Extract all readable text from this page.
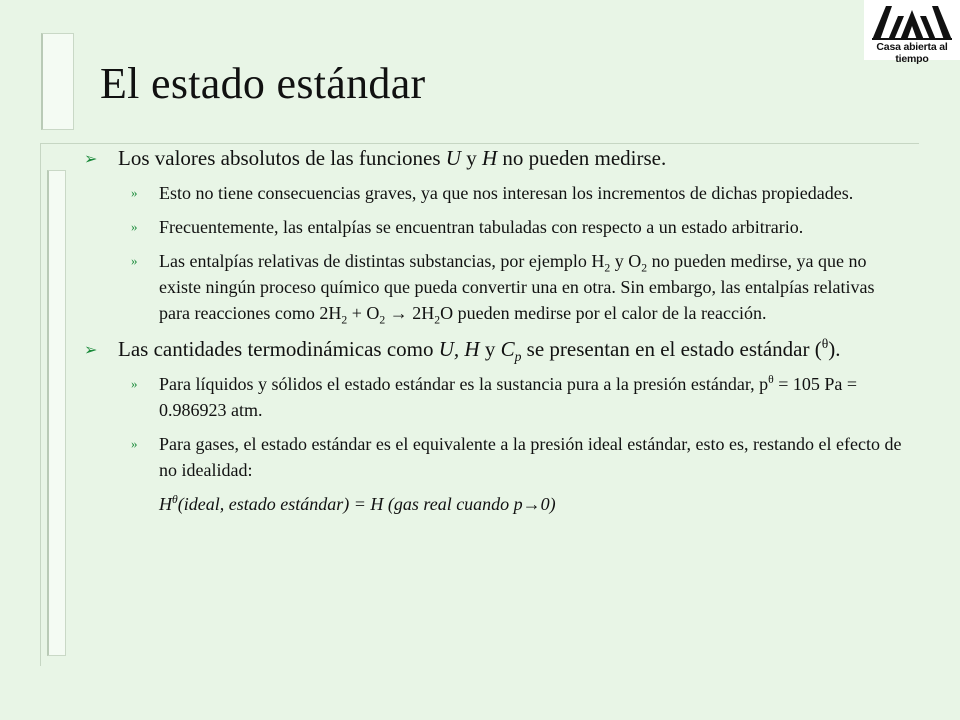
El estado estándar
Casa abierta al tiempo
➢ Los valores absolutos de las funciones U y H no pueden medirse.
» Esto no tiene consecuencias graves, ya que nos interesan los incrementos de dichas propiedades.
» Frecuentemente, las entalpías se encuentran tabuladas con respecto a un estado arbitrario.
» Las entalpías relativas de distintas substancias, por ejemplo $H_2$ y $O_2$ no pueden medirse, ya que no existe ningún proceso químico que pueda convertir una en otra. Sin embargo, las entalpías relativas para reacciones como $2H_2 + O_2 \to 2H_2O$ pueden medirse por el calor de la reacción.
➢ Las cantidades termodinámicas como U, H y $C_p$ se presentan en el estado estándar ($^\theta$).
» Para líquidos y sólidos el estado estándar es la sustancia pura a la presión estándar, $p^\theta = 105$ Pa = 0.986923 atm.
» Para gases, el estado estándar es el equivalente a la presión ideal estándar, esto es, restando el efecto de no idealidad:
$H^\theta(ideal$, estado estándar) = H (gas real cuando p→0)
